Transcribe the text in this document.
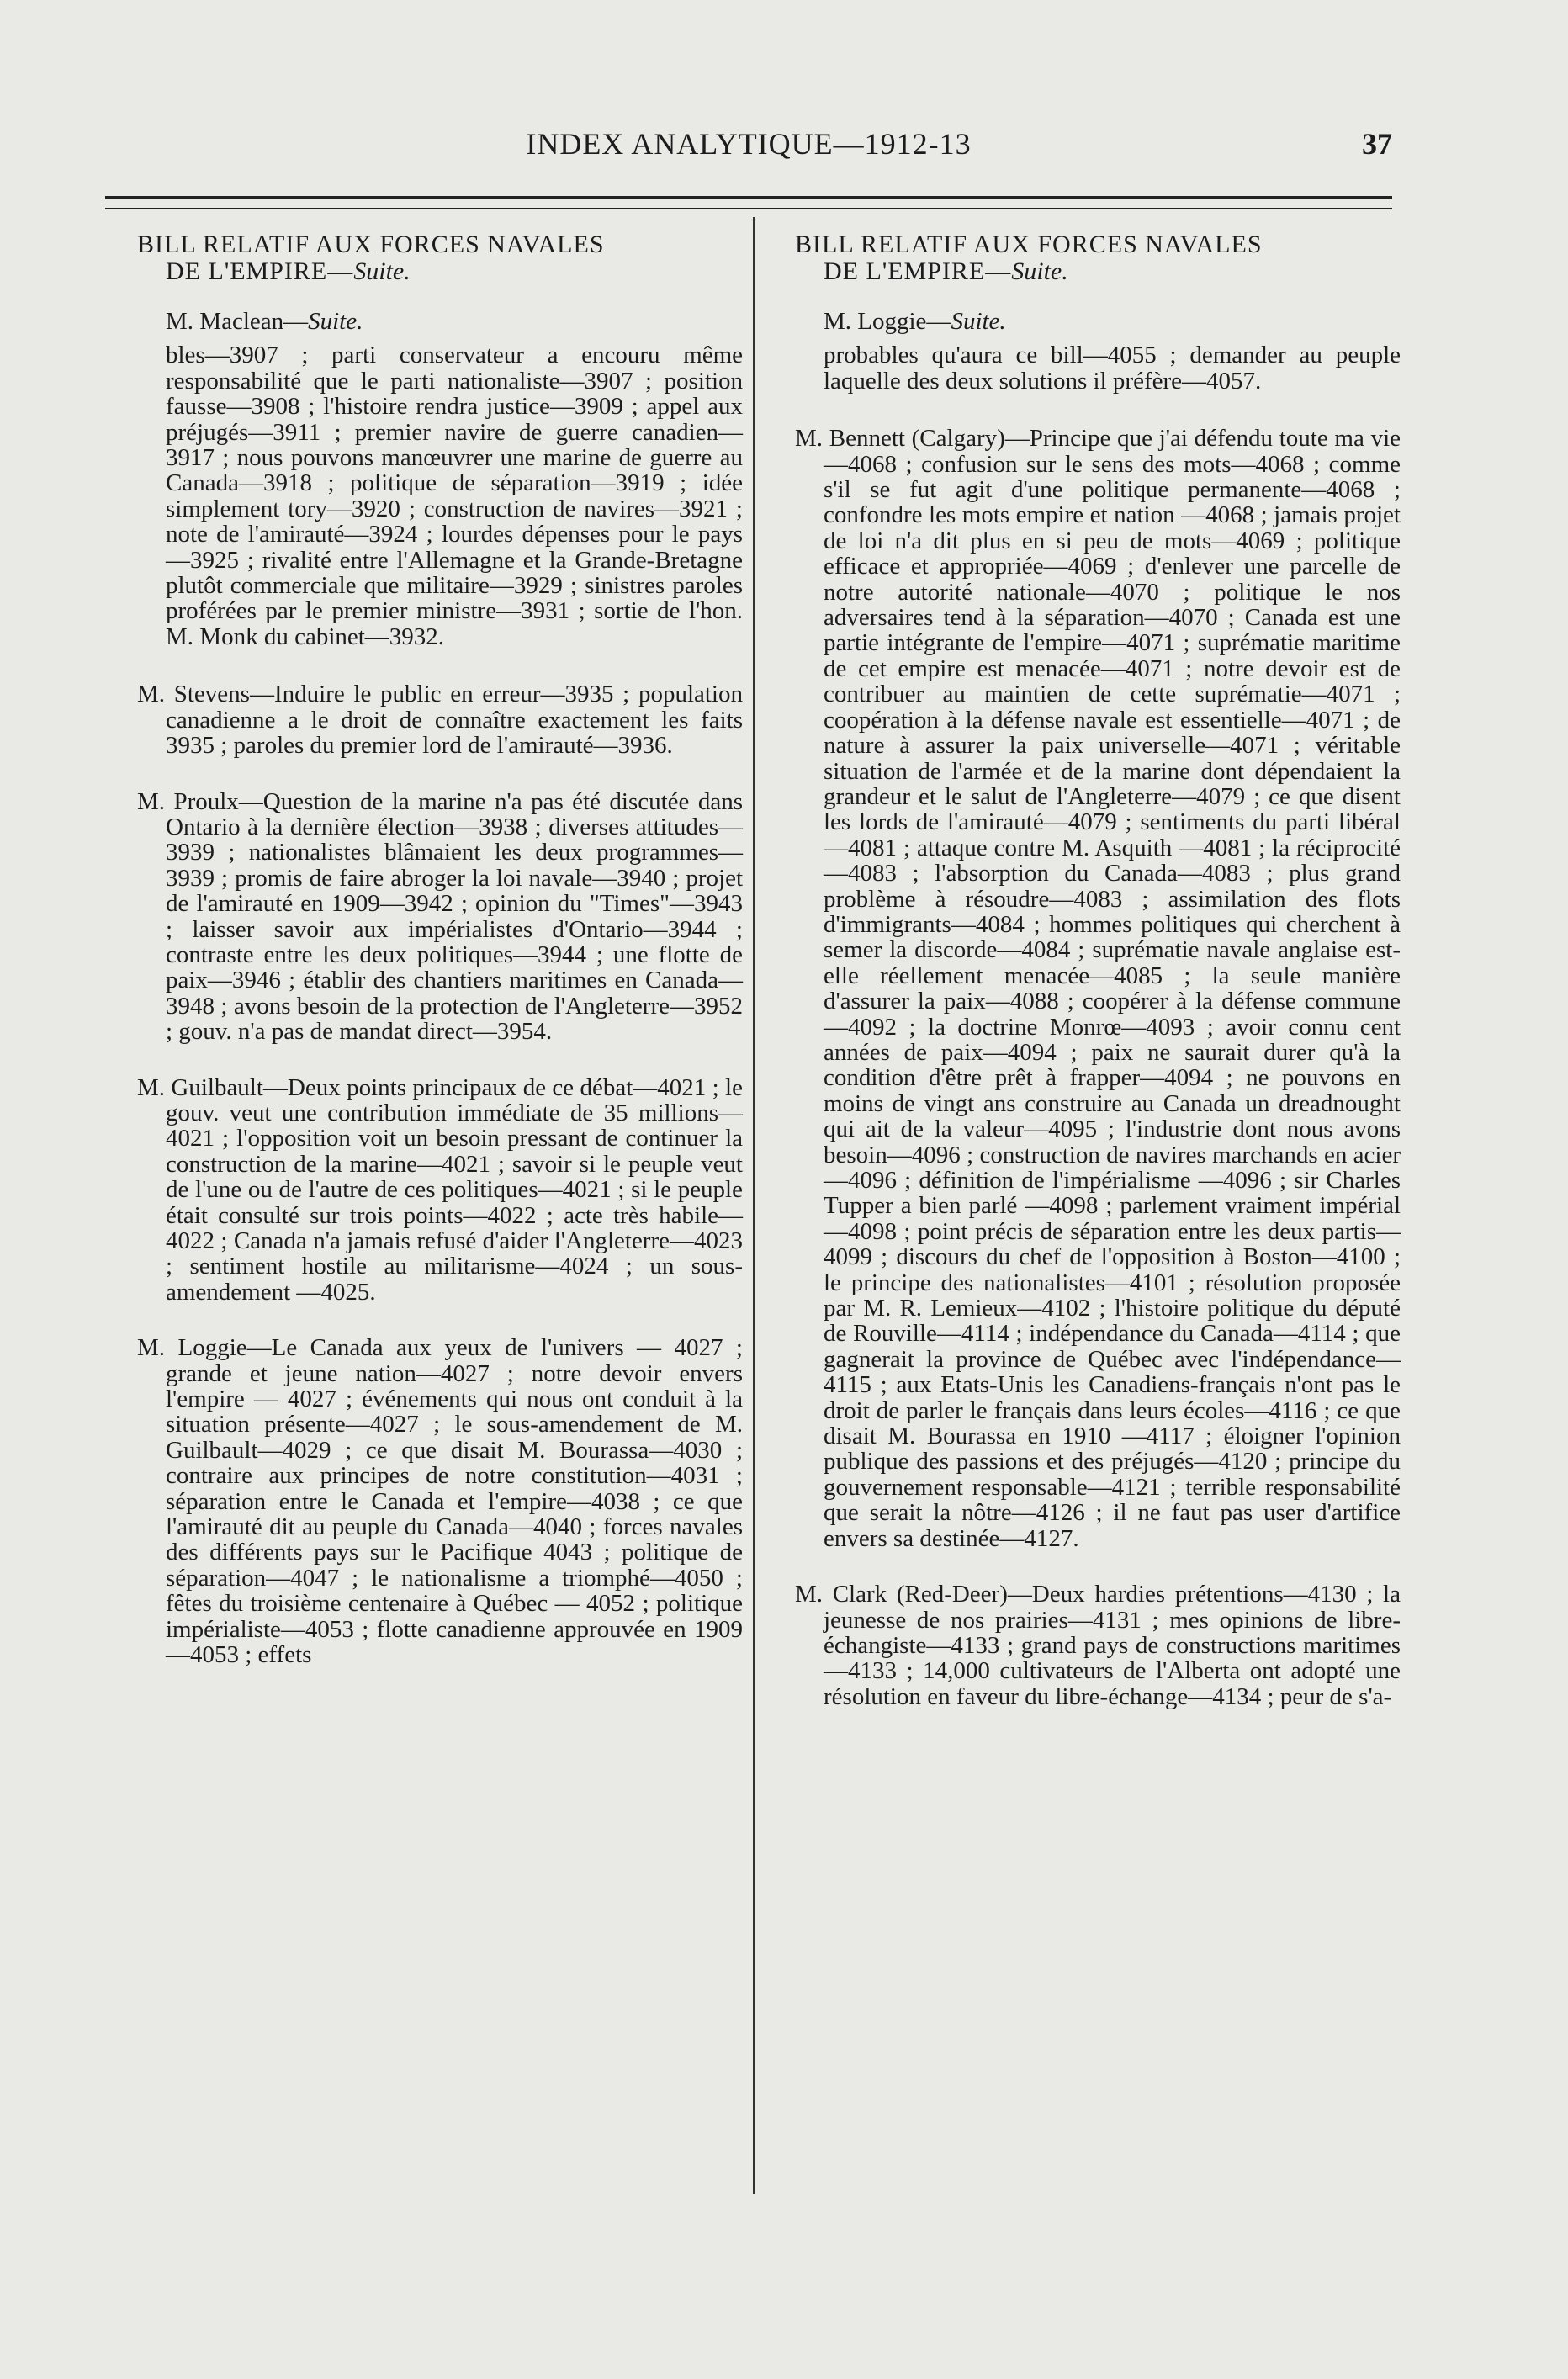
INDEX ANALYTIQUE—1912-13	37
BILL RELATIF AUX FORCES NAVALES
DE L'EMPIRE—Suite.
M. Maclean—Suite.
bles—3907 ; parti conservateur a encouru même responsabilité que le parti nationaliste—3907 ; position fausse—3908 ; l'histoire rendra justice—3909 ; appel aux préjugés—3911 ; premier navire de guerre canadien—3917 ; nous pouvons manœuvrer une marine de guerre au Canada—3918 ; politique de séparation—3919 ; idée simplement tory—3920 ; construction de navires—3921 ; note de l'amirauté—3924 ; lourdes dépenses pour le pays—3925 ; rivalité entre l'Allemagne et la Grande-Bretagne plutôt commerciale que militaire—3929 ; sinistres paroles proférées par le premier ministre—3931 ; sortie de l'hon. M. Monk du cabinet—3932.
M. Stevens—Induire le public en erreur—3935 ; population canadienne a le droit de connaître exactement les faits 3935 ; paroles du premier lord de l'amirauté—3936.
M. Proulx—Question de la marine n'a pas été discutée dans Ontario à la dernière élection—3938 ; diverses attitudes—3939 ; nationalistes blâmaient les deux programmes—3939 ; promis de faire abroger la loi navale—3940 ; projet de l'amirauté en 1909—3942 ; opinion du "Times"—3943 ; laisser savoir aux impérialistes d'Ontario—3944 ; contraste entre les deux politiques—3944 ; une flotte de paix—3946 ; établir des chantiers maritimes en Canada—3948 ; avons besoin de la protection de l'Angleterre—3952 ; gouv. n'a pas de mandat direct—3954.
M. Guilbault—Deux points principaux de ce débat—4021 ; le gouv. veut une contribution immédiate de 35 millions—4021 ; l'opposition voit un besoin pressant de continuer la construction de la marine—4021 ; savoir si le peuple veut de l'une ou de l'autre de ces politiques—4021 ; si le peuple était consulté sur trois points—4022 ; acte très habile—4022 ; Canada n'a jamais refusé d'aider l'Angleterre—4023 ; sentiment hostile au militarisme—4024 ; un sous-amendement —4025.
M. Loggie—Le Canada aux yeux de l'univers — 4027 ; grande et jeune nation—4027 ; notre devoir envers l'empire — 4027 ; événements qui nous ont conduit à la situation présente—4027 ; le sous-amendement de M. Guilbault—4029 ; ce que disait M. Bourassa—4030 ; contraire aux principes de notre constitution—4031 ; séparation entre le Canada et l'empire—4038 ; ce que l'amirauté dit au peuple du Canada—4040 ; forces navales des différents pays sur le Pacifique 4043 ; politique de séparation—4047 ; le nationalisme a triomphé—4050 ; fêtes du troisième centenaire à Québec — 4052 ; politique impérialiste—4053 ; flotte canadienne approuvée en 1909—4053 ; effets
BILL RELATIF AUX FORCES NAVALES
DE L'EMPIRE—Suite.
M. Loggie—Suite.
probables qu'aura ce bill—4055 ; demander au peuple laquelle des deux solutions il préfère—4057.
M. Bennett (Calgary)—Principe que j'ai défendu toute ma vie—4068 ; confusion sur le sens des mots—4068 ; comme s'il se fut agit d'une politique permanente—4068 ; confondre les mots empire et nation —4068 ; jamais projet de loi n'a dit plus en si peu de mots—4069 ; politique efficace et appropriée—4069 ; d'enlever une parcelle de notre autorité nationale—4070 ; politique le nos adversaires tend à la séparation—4070 ; Canada est une partie intégrante de l'empire—4071 ; suprématie maritime de cet empire est menacée—4071 ; notre devoir est de contribuer au maintien de cette suprématie—4071 ; coopération à la défense navale est essentielle—4071 ; de nature à assurer la paix universelle—4071 ; véritable situation de l'armée et de la marine dont dépendaient la grandeur et le salut de l'Angleterre—4079 ; ce que disent les lords de l'amirauté—4079 ; sentiments du parti libéral—4081 ; attaque contre M. Asquith —4081 ; la réciprocité—4083 ; l'absorption du Canada—4083 ; plus grand problème à résoudre—4083 ; assimilation des flots d'immigrants—4084 ; hommes politiques qui cherchent à semer la discorde—4084 ; suprématie navale anglaise est-elle réellement menacée—4085 ; la seule manière d'assurer la paix—4088 ; coopérer à la défense commune—4092 ; la doctrine Monrœ—4093 ; avoir connu cent années de paix—4094 ; paix ne saurait durer qu'à la condition d'être prêt à frapper—4094 ; ne pouvons en moins de vingt ans construire au Canada un dreadnought qui ait de la valeur—4095 ; l'industrie dont nous avons besoin—4096 ; construction de navires marchands en acier—4096 ; définition de l'impérialisme —4096 ; sir Charles Tupper a bien parlé —4098 ; parlement vraiment impérial—4098 ; point précis de séparation entre les deux partis—4099 ; discours du chef de l'opposition à Boston—4100 ; le principe des nationalistes—4101 ; résolution proposée par M. R. Lemieux—4102 ; l'histoire politique du député de Rouville—4114 ; indépendance du Canada—4114 ; que gagnerait la province de Québec avec l'indépendance—4115 ; aux Etats-Unis les Canadiens-français n'ont pas le droit de parler le français dans leurs écoles—4116 ; ce que disait M. Bourassa en 1910 —4117 ; éloigner l'opinion publique des passions et des préjugés—4120 ; principe du gouvernement responsable—4121 ; terrible responsabilité que serait la nôtre—4126 ; il ne faut pas user d'artifice envers sa destinée—4127.
M. Clark (Red-Deer)—Deux hardies prétentions—4130 ; la jeunesse de nos prairies—4131 ; mes opinions de libre-échangiste—4133 ; grand pays de constructions maritimes—4133 ; 14,000 cultivateurs de l'Alberta ont adopté une résolution en faveur du libre-échange—4134 ; peur de s'a-
